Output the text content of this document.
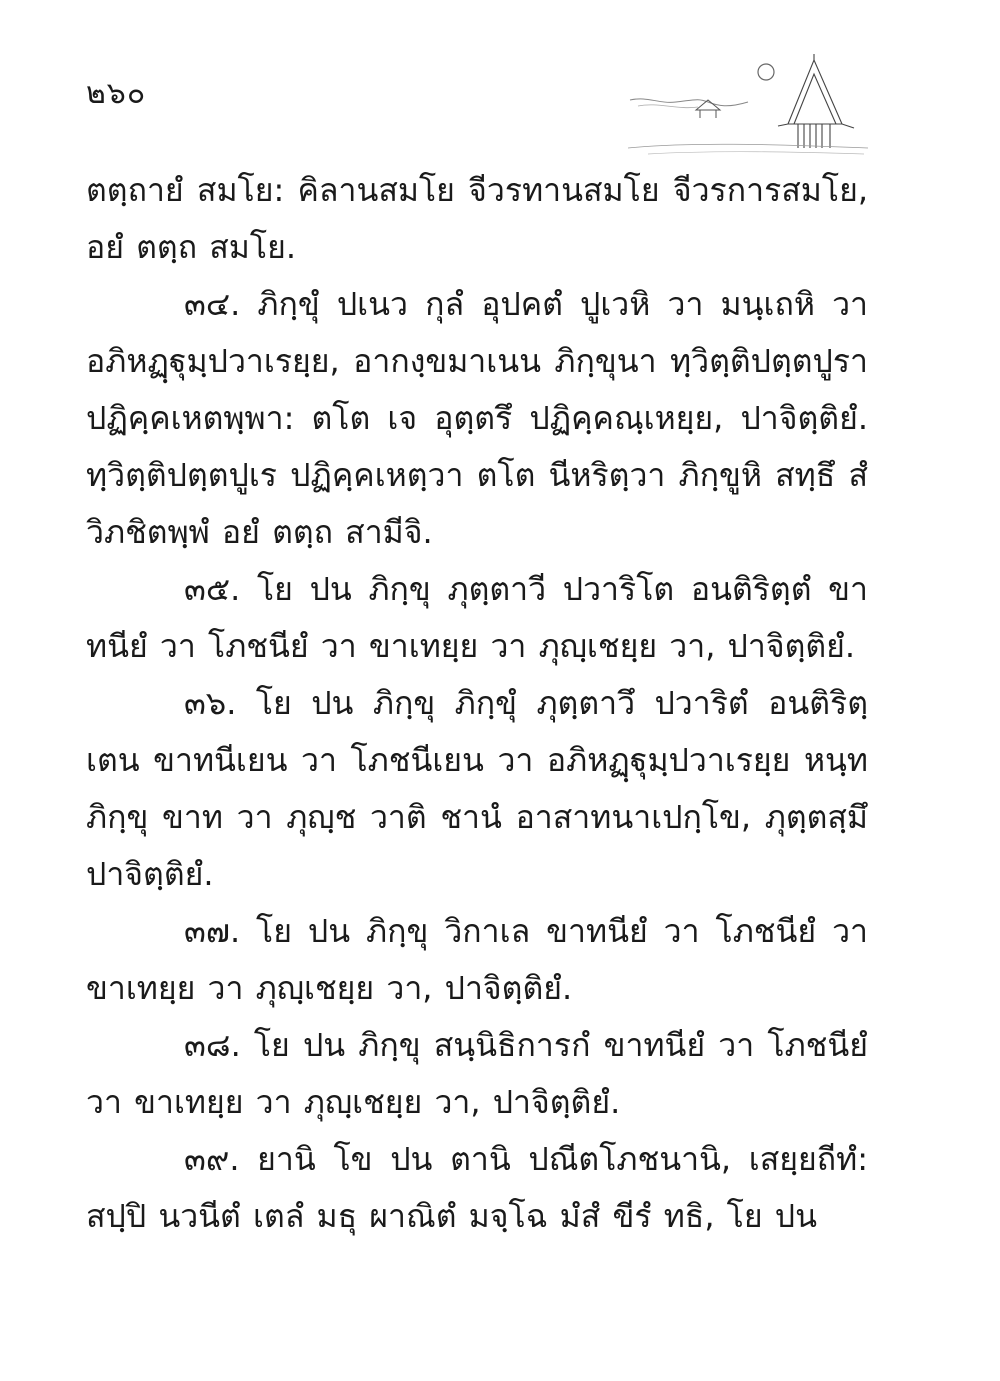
๒๖๐

ตตฺถายํ สมโย: คิลานสมโย จีวรทานสมโย จีวรการสมโย, อยํ ตตฺถ สมโย.

๓๔. ภิกฺขุํ ปเนว กุลํ อุปคตํ ปูเวหิ วา มนฺเถหิ วา อภิหฏฺฐุมฺปวาเรยฺย, อากงฺขมาเนน ภิกฺขุนา ทฺวิตฺติปตฺตปูรา ปฏิคฺคเหตพฺพา: ตโต เจ อุตฺตรึ ปฏิคฺคณฺเหยฺย, ปาจิตฺติยํ. ทฺวิตฺติปตฺตปูเร ปฏิคฺคเหตฺวา ตโต นีหริตฺวา ภิกฺขูหิ สทฺธึ สํวิภชิตพฺพํ อยํ ตตฺถ สามีจิ.

๓๕. โย ปน ภิกฺขุ ภุตฺตาวี ปวาริโต อนติริตฺตํ ขาทนียํ วา โภชนียํ วา ขาเทยฺย วา ภุญฺเชยฺย วา, ปาจิตฺติยํ.

๓๖. โย ปน ภิกฺขุ ภิกฺขุํ ภุตฺตาวึ ปวาริตํ อนติริตฺเตน ขาทนีเยน วา โภชนีเยน วา อภิหฏฺฐุมฺปวาเรยฺย หนฺท ภิกฺขุ ขาท วา ภุญฺช วาติ ชานํ อาสาทนาเปกฺโข, ภุตฺตสฺมึ ปาจิตฺติยํ.

๓๗. โย ปน ภิกฺขุ วิกาเล ขาทนียํ วา โภชนียํ วา ขาเทยฺย วา ภุญฺเชยฺย วา, ปาจิตฺติยํ.

๓๘. โย ปน ภิกฺขุ สนฺนิธิการกํ ขาทนียํ วา โภชนียํ วา ขาเทยฺย วา ภุญฺเชยฺย วา, ปาจิตฺติยํ.

๓๙. ยานิ โข ปน ตานิ ปณีตโภชนานิ, เสยฺยถีทํ: สปฺปิ นวนีตํ เตลํ มธุ ผาณิตํ มจฺโฉ มํสํ ขีรํ ทธิ, โย ปน
